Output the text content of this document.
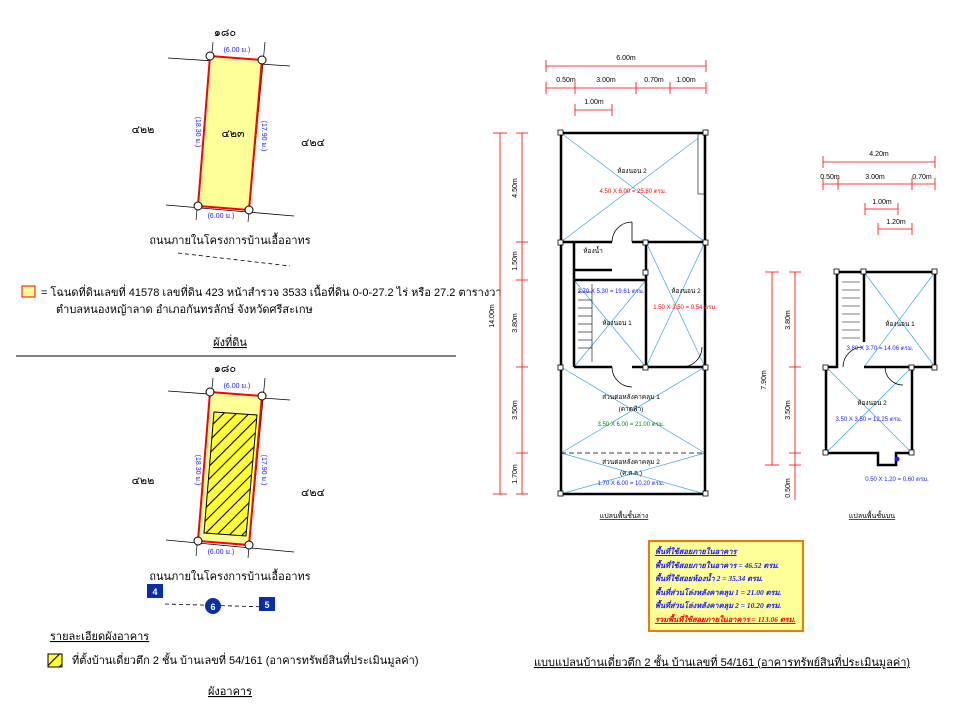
๑๘๐
๔๒๒
๔๒๔
๔๒๓
(6.00 ม.)
(6.00 ม.)
(18.30 ม.)	(17.90 ม.)
ถนนภายในโครงการบ้านเอื้ออาทร
= โฉนดที่ดินเลขที่ 41578 เลขที่ดิน 423 หน้าสำรวจ 3533 เนื้อที่ดิน 0-0-27.2 ไร่ หรือ 27.2 ตารางวา
ตำบลหนองหญ้าลาด อำเภอกันทรลักษ์ จังหวัดศรีสะเกษ
ผังที่ดิน
๑๘๐
๔๒๒
๔๒๔
(6.00 ม.)
(6.00 ม.)
(18.30 ม.)	(17.90 ม.)
ถนนภายในโครงการบ้านเอื้ออาทร
4
6	5
รายละเอียดผังอาคาร
ที่ตั้งบ้านเดี่ยวตึก 2 ชั้น บ้านเลขที่ 54/161 (อาคารทรัพย์สินที่ประเมินมูลค่า)
ผังอาคาร
6.00m
0.50m	3.00m	0.70m 1.00m
1.00m
14.00m
4.50m
1.50m
3.80m
3.50m
1.70m
ห้องนอน 2
4.50 X 6.00 = 25.80 ตรม.
ห้องน้ำ
ห้องนอน 2
1.50 X 3.50 = 9.54 ตรม.
ห้องนอน 1
3.70 X 5.30 = 19.61 ตรม.
ส่วนต่อหลังคาคลุม 1
(ดาดฟ้า)
3.50 X 6.00 = 21.00 ตรม.
ส่วนต่อหลังคาคลุม 2
(ค.ส.ล.)
1.70 X 6.00 = 10.20 ตรม.
แปลนพื้นชั้นล่าง
4.20m
0.50m	3.00m	0.70m
1.00m
1.20m
7.90m
3.80m
3.50m
0.50m
ห้องนอน 1
3.80 X 3.70 = 14.06 ตรม.
ห้องนอน 2
3.50 X 3.50 = 12.25 ตรม.
0.50 X 1.20 = 0.60 ตรม.
แปลนพื้นชั้นบน
แบบแปลนบ้านเดี่ยวตึก 2 ชั้น บ้านเลขที่ 54/161 (อาคารทรัพย์สินที่ประเมินมูลค่า)
พื้นที่ใช้สอยภายในอาคาร
พื้นที่ใช้สอยภายในอาคาร = 46.52 ตรม.
พื้นที่ใช้สอยห้องน้ำ 2 = 35.34 ตรม.
พื้นที่ส่วนโล่งหลังคาคลุม 1 = 21.00 ตรม.
พื้นที่ส่วนโล่งหลังคาคลุม 2 = 10.20 ตรม.
รวมพื้นที่ใช้สอยภายในอาคาร = 113.06 ตรม.
